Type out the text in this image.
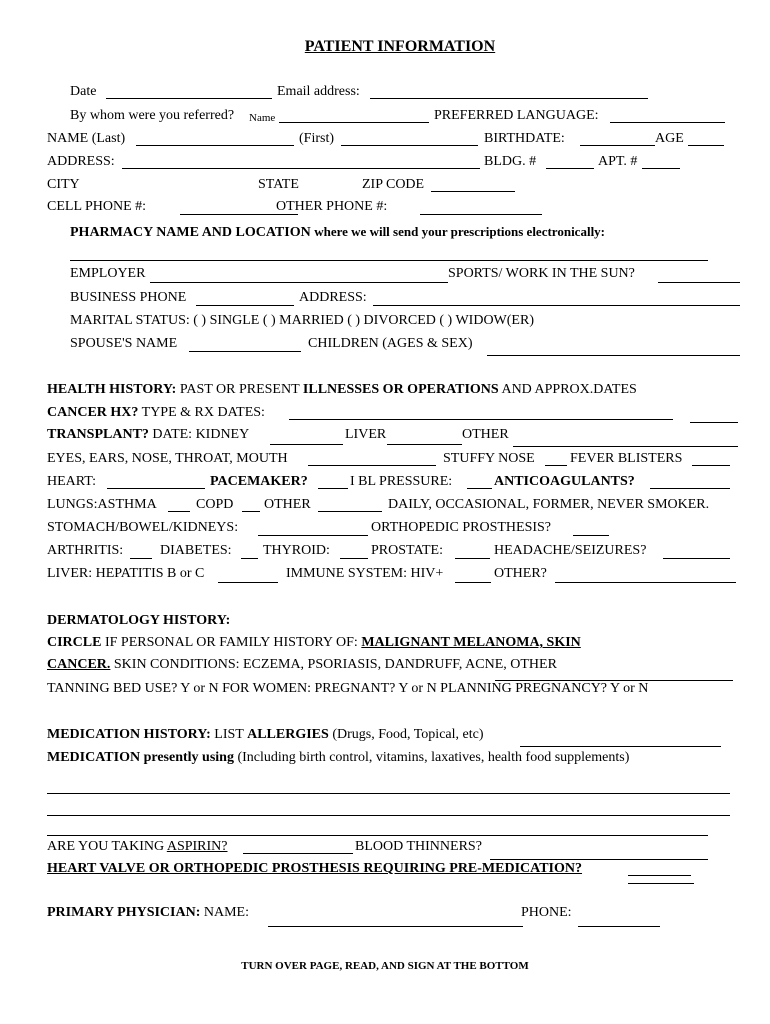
PATIENT INFORMATION
Date	Email address:
By whom were you referred? Name	PREFERRED LANGUAGE:
NAME (Last)	(First)	BIRTHDATE:	AGE
ADDRESS:	BLDG. #	APT. #
CITY	STATE	ZIP CODE
CELL PHONE #:	OTHER PHONE #:
PHARMACY NAME AND LOCATION where we will send your prescriptions electronically:
EMPLOYER	SPORTS/ WORK IN THE SUN?
BUSINESS PHONE	ADDRESS:
MARITAL STATUS: ( ) SINGLE ( ) MARRIED ( ) DIVORCED ( ) WIDOW(ER)
SPOUSE'S NAME	CHILDREN (AGES & SEX)
HEALTH HISTORY: PAST OR PRESENT ILLNESSES OR OPERATIONS AND APPROX.DATES
CANCER HX? TYPE & RX DATES:
TRANSPLANT? DATE: KIDNEY	LIVER	OTHER
EYES, EARS, NOSE, THROAT, MOUTH	STUFFY NOSE	FEVER BLISTERS
HEART:	PACEMAKER?	I BL PRESSURE:	ANTICOAGULANTS?
LUNGS:ASTHMA	COPD OTHER	DAILY, OCCASIONAL, FORMER, NEVER SMOKER.
STOMACH/BOWEL/KIDNEYS:	ORTHOPEDIC PROSTHESIS?
ARTHRITIS:	DIABETES: THYROID:	PROSTATE:	HEADACHE/SEIZURES?
LIVER: HEPATITIS B or C	IMMUNE SYSTEM: HIV+	OTHER?
DERMATOLOGY HISTORY:
CIRCLE IF PERSONAL OR FAMILY HISTORY OF: MALIGNANT MELANOMA, SKIN
CANCER. SKIN CONDITIONS: ECZEMA, PSORIASIS, DANDRUFF, ACNE, OTHER
TANNING BED USE? Y or N FOR WOMEN: PREGNANT? Y or N PLANNING PREGNANCY? Y or N
MEDICATION HISTORY: LIST ALLERGIES (Drugs, Food, Topical, etc)
MEDICATION presently using (Including birth control, vitamins, laxatives, health food supplements)
ARE YOU TAKING ASPIRIN?	BLOOD THINNERS?
HEART VALVE OR ORTHOPEDIC PROSTHESIS REQUIRING PRE-MEDICATION?
PRIMARY PHYSICIAN: NAME:	PHONE:
TURN OVER PAGE, READ, AND SIGN AT THE BOTTOM
